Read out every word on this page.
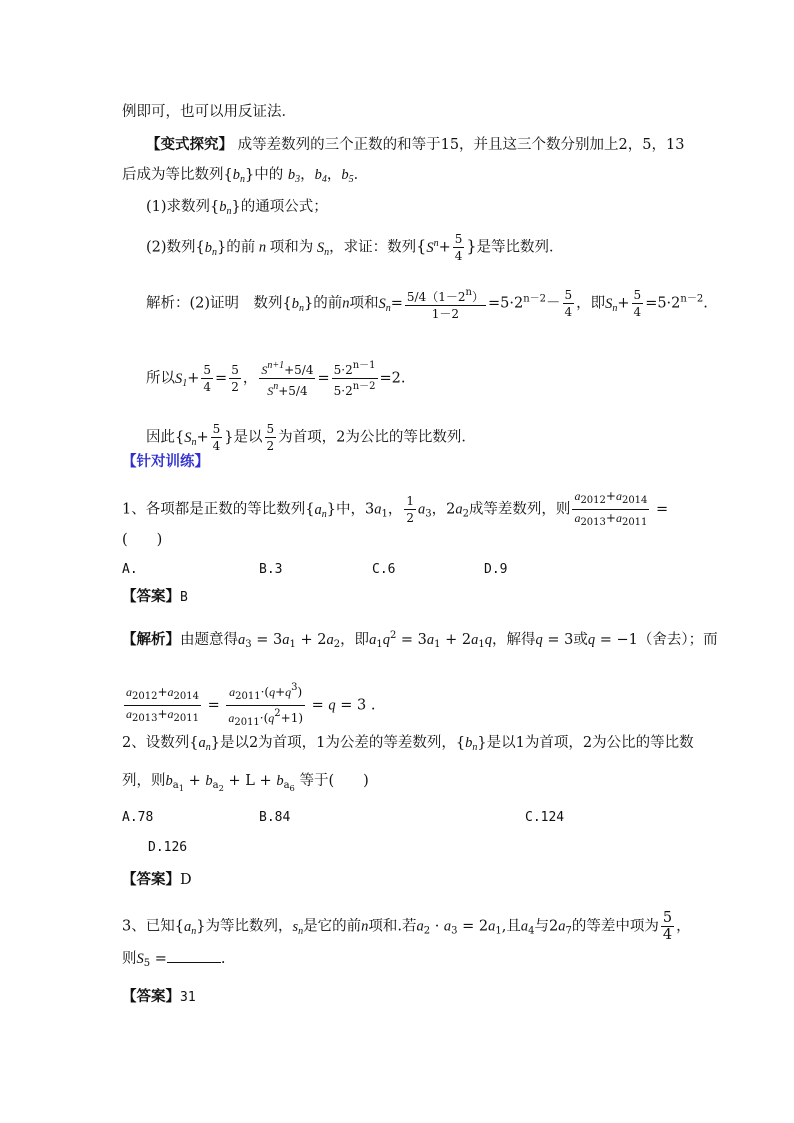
例即可，也可以用反证法．
【变式探究】 成等差数列的三个正数的和等于15，并且这三个数分别加上2，5，13
后成为等比数列$\{b_n\}$中的 $b_3$，$b_4$，$b_5$．
(1)求数列$\{b_n\}$的通项公式；
(2)数列$\{b_n\}$的前 n 项和为 $S_n$，求证：数列{$S^n+ \frac{5}{4}$ }是等比数列．
解析：(2)证明　数列$\{b_n\}$的前n项和$S_n= \frac{5/4(1-2^n)}{1-2} =5\cdot 2^{n-2}- \frac{5}{4}$ ，即$S_n+ \frac{5}{4} =5\cdot 2^{n-2}$.
所以$S_1+ \frac{5}{4} = \frac{5}{2}$ ， $\frac{S^{n+1}+5/4}{S^n+5/4} = \frac{5\cdot 2^{n-1}}{5\cdot 2^{n-2}} =2$.
因此{$S_n+ \frac{5}{4}$ }是以 $\frac{5}{2}$ 为首项，2为公比的等比数列．
【针对训练】
1、各项都是正数的等比数列$\{a_n\}$中，$3a_1$， $\frac{1}{2} a_3$，$2a_2$成等差数列，则 $\frac{a_{2012}+a_{2014}}{a_{2013}+a_{2011}}$ =
(　　)
A.	B.3	C.6	D.9
【答案】B
【解析】由题意得$a_3 = 3a_1 + 2a_2$，即$a_1q^2 = 3a_1 + 2a_1q$，解得q = 3或q = −1（舍去）；而
$\frac{a_{2012}+a_{2014}}{a_{2013}+a_{2011}} = \frac{a_{2011}\cdot(q+q^3)}{a_{2011}\cdot(q^2+1)} = q = 3$ .
2、设数列$\{a_n\}$是以2为首项，1为公差的等差数列，$\{b_n\}$是以1为首项，2为公比的等比数
列，则$b_{a_1} + b_{a_2} + L + b_{a_6}$ 等于(　　)
A.78	B.84	C.124
D.126
【答案】D
3、已知$\{a_n\}$为等比数列，$s_n$是它的前n项和.若$a_2 \cdot a_3 = 2a_1$,且$a_4$与$2a_7$的等差中项为 $\frac{5}{4}$ ，
则$S_5$ =	.
【答案】31
